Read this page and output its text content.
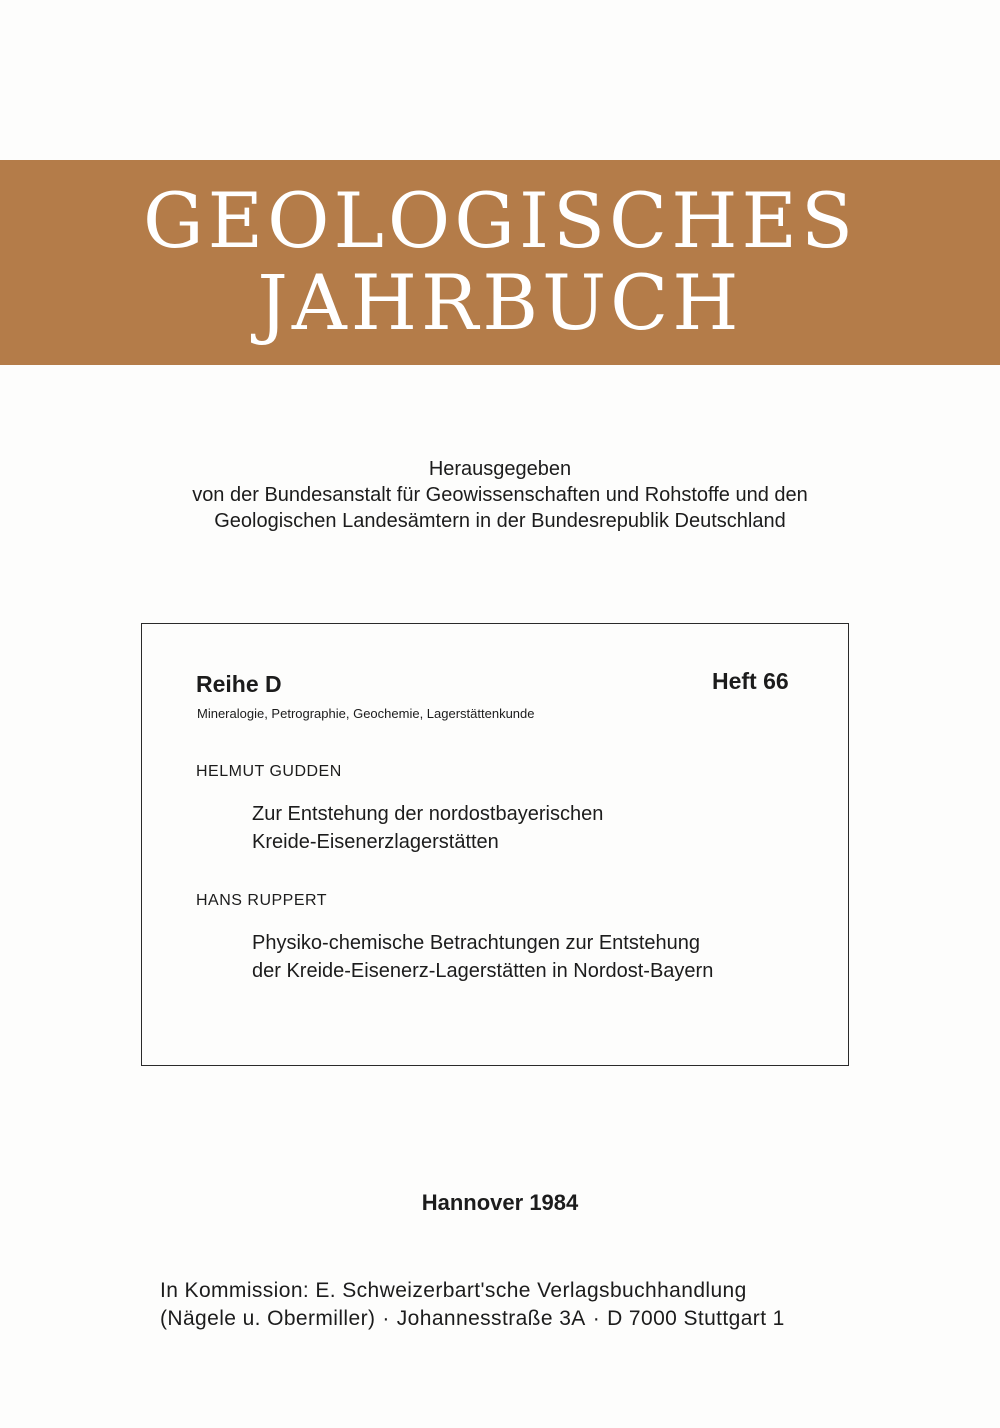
GEOLOGISCHES
JAHRBUCH
Herausgegeben
von der Bundesanstalt für Geowissenschaften und Rohstoffe und den
Geologischen Landesämtern in der Bundesrepublik Deutschland
Reihe D	Heft 66
Mineralogie, Petrographie, Geochemie, Lagerstättenkunde
HELMUT GUDDEN
Zur Entstehung der nordostbayerischen
Kreide-Eisenerzlagerstätten
HANS RUPPERT
Physiko-chemische Betrachtungen zur Entstehung
der Kreide-Eisenerz-Lagerstätten in Nordost-Bayern
Hannover 1984
In Kommission: E. Schweizerbart'sche Verlagsbuchhandlung
(Nägele u. Obermiller) · Johannesstraße 3A · D 7000 Stuttgart 1
